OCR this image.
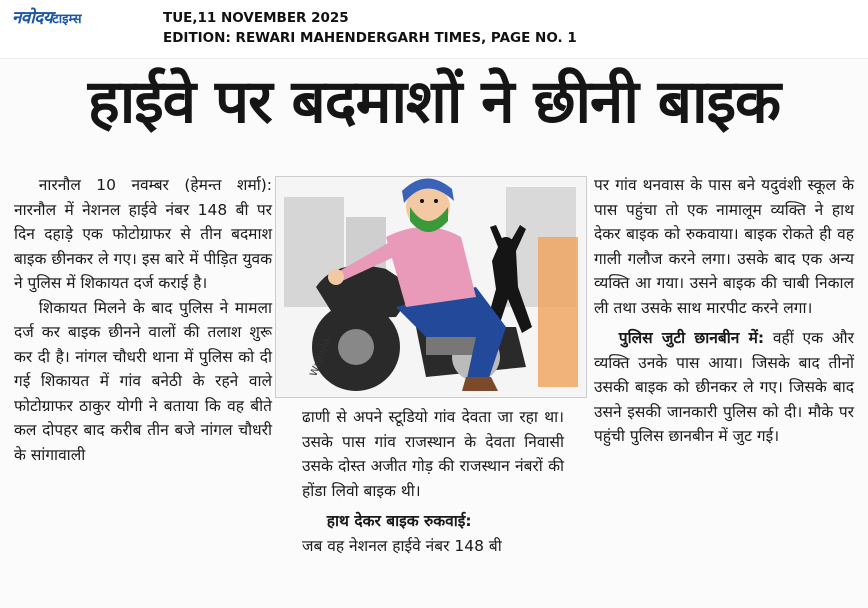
नवोदयटाइम्स	TUE,11 NOVEMBER 2025
EDITION: REWARI MAHENDERGARH TIMES, PAGE NO. 1
हाईवे पर बदमाशों ने छीनी बाइक

नारनौल 10 नवम्बर (हेमन्त शर्मा): नारनौल में नेशनल हाईवे नंबर 148 बी पर दिन दहाड़े एक फोटोग्राफर से तीन बदमाश बाइक छीनकर ले गए। इस बारे में पीड़ित युवक ने पुलिस में शिकायत दर्ज कराई है।

शिकायत मिलने के बाद पुलिस ने मामला दर्ज कर बाइक छीनने वालों की तलाश शुरू कर दी है। नांगल चौधरी थाना में पुलिस को दी गई शिकायत में गांव बनेठी के रहने वाले फोटोग्राफर ठाकुर योगी ने बताया कि वह बीते कल दोपहर बाद करीब तीन बजे नांगल चौधरी के सांगावाली

Wajhula

ढाणी से अपने स्टूडियो गांव देवता जा रहा था। उसके पास गांव राजस्थान के देवता निवासी उसके दोस्त अजीत गोड़ की राजस्थान नंबरों की होंडा लिवो बाइक थी।

हाथ देकर बाइक रुकवाई:

जब वह नेशनल हाईवे नंबर 148 बी

पर गांव थनवास के पास बने यदुवंशी स्कूल के पास पहुंचा तो एक नामालूम व्यक्ति ने हाथ देकर बाइक को रुकवाया। बाइक रोकते ही वह गाली गलौज करने लगा। उसके बाद एक अन्य व्यक्ति आ गया। उसने बाइक की चाबी निकाल ली तथा उसके साथ मारपीट करने लगा।

पुलिस जुटी छानबीन में: वहीं एक और व्यक्ति उनके पास आया। जिसके बाद तीनों उसकी बाइक को छीनकर ले गए। जिसके बाद उसने इसकी जानकारी पुलिस को दी। मौके पर पहुंची पुलिस छानबीन में जुट गई।
